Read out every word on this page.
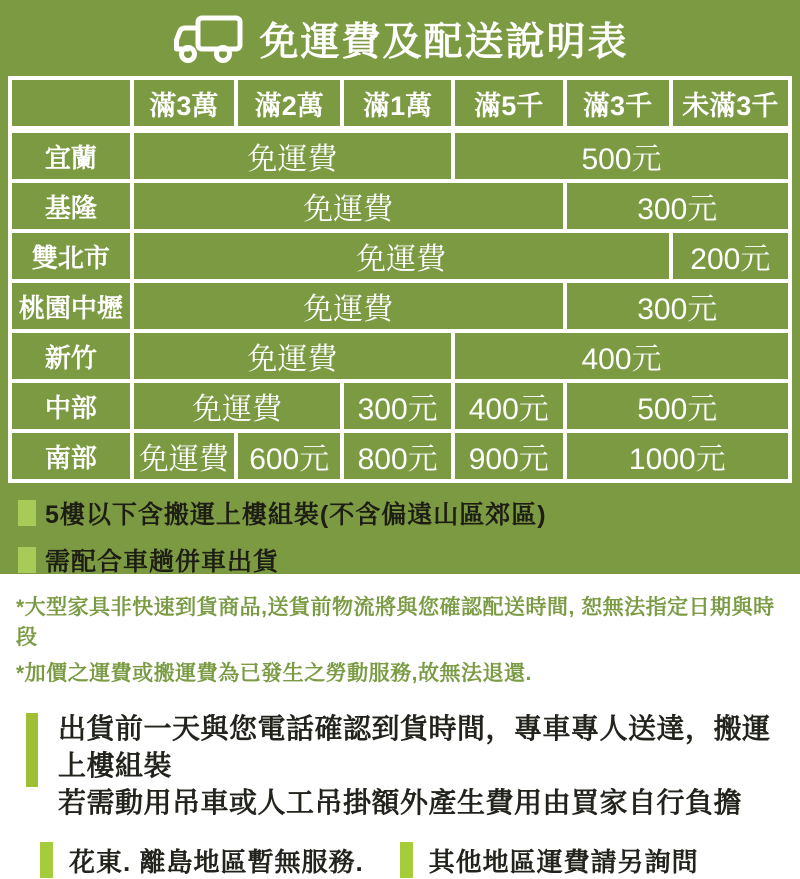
免運費及配送說明表
	滿3萬	滿2萬	滿1萬	滿5千	滿3千	未滿3千
宜蘭	免運費			500元		
基隆	免運費				300元	
雙北市	免運費					200元
桃園中壢	免運費				300元	
新竹	免運費			400元		
中部	免運費		300元	400元	500元	
南部	免運費	600元	800元	900元	1000元	
5樓以下含搬運上樓組裝(不含偏遠山區郊區)
需配合車趟併車出貨

*大型家具非快速到貨商品,送貨前物流將與您確認配送時間, 恕無法指定日期與時段

*加價之運費或搬運費為已發生之勞動服務,故無法退還.

出貨前一天與您電話確認到貨時間，專車專人送達，搬運上樓組裝
若需動用吊車或人工吊掛額外產生費用由買家自行負擔
花東. 離島地區暫無服務.	其他地區運費請另詢問
